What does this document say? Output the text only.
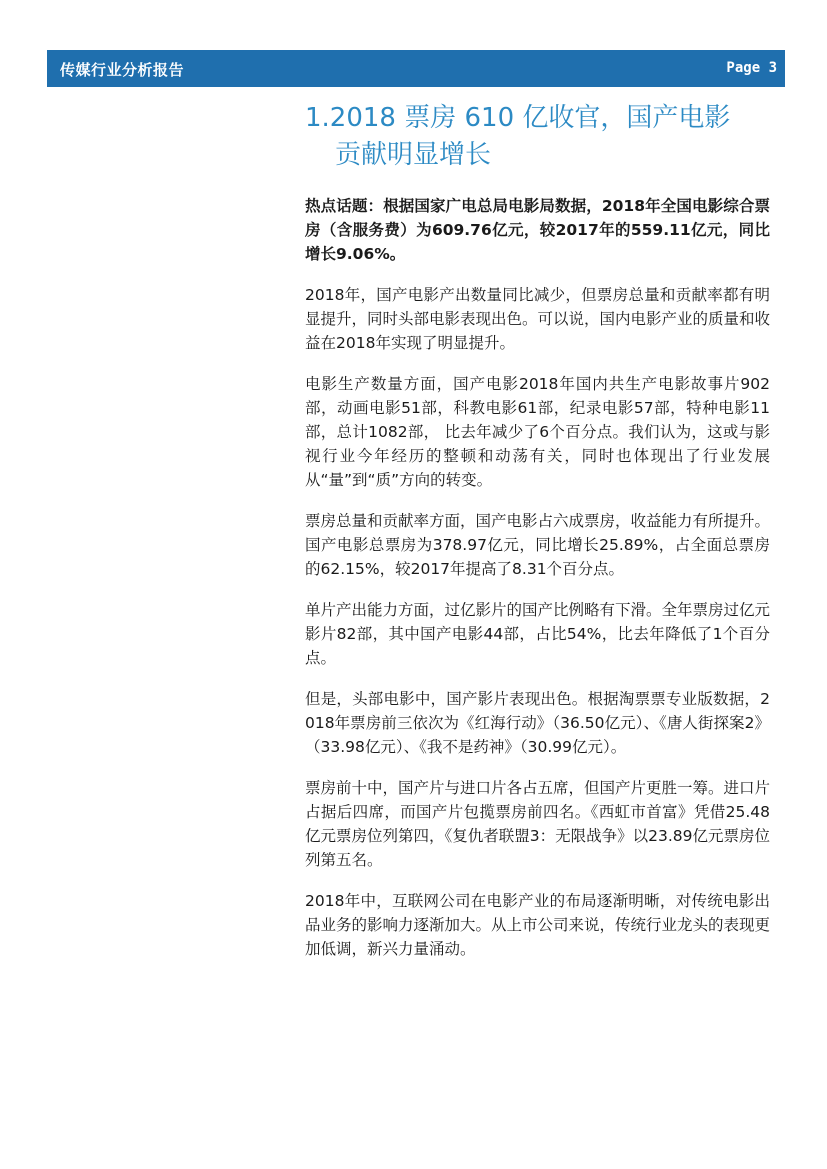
传媒行业分析报告	Page 3
1.2018 票房 610 亿收官，国产电影
贡献明显增长

热点话题：根据国家广电总局电影局数据，2018年全国电影综合票房（含服务费）为609.76亿元，较2017年的559.11亿元，同比增长9.06%。

2018年，国产电影产出数量同比减少，但票房总量和贡献率都有明显提升，同时头部电影表现出色。可以说，国内电影产业的质量和收益在2018年实现了明显提升。

电影生产数量方面，国产电影2018年国内共生产电影故事片902部，动画电影51部，科教电影61部，纪录电影57部，特种电影11部，总计1082部， 比去年减少了6个百分点。我们认为，这或与影视行业今年经历的整顿和动荡有关，同时也体现出了行业发展从“量”到“质”方向的转变。

票房总量和贡献率方面，国产电影占六成票房，收益能力有所提升。国产电影总票房为378.97亿元，同比增长25.89%，占全面总票房的62.15%，较2017年提高了8.31个百分点。

单片产出能力方面，过亿影片的国产比例略有下滑。全年票房过亿元影片82部，其中国产电影44部，占比54%，比去年降低了1个百分点。

但是，头部电影中，国产影片表现出色。根据淘票票专业版数据，2018年票房前三依次为《红海行动》（36.50亿元）、《唐人街探案2》（33.98亿元）、《我不是药神》（30.99亿元）。

票房前十中，国产片与进口片各占五席，但国产片更胜一筹。进口片占据后四席，而国产片包揽票房前四名。《西虹市首富》凭借25.48亿元票房位列第四，《复仇者联盟3：无限战争》以23.89亿元票房位列第五名。

2018年中，互联网公司在电影产业的布局逐渐明晰，对传统电影出品业务的影响力逐渐加大。从上市公司来说，传统行业龙头的表现更加低调，新兴力量涌动。
